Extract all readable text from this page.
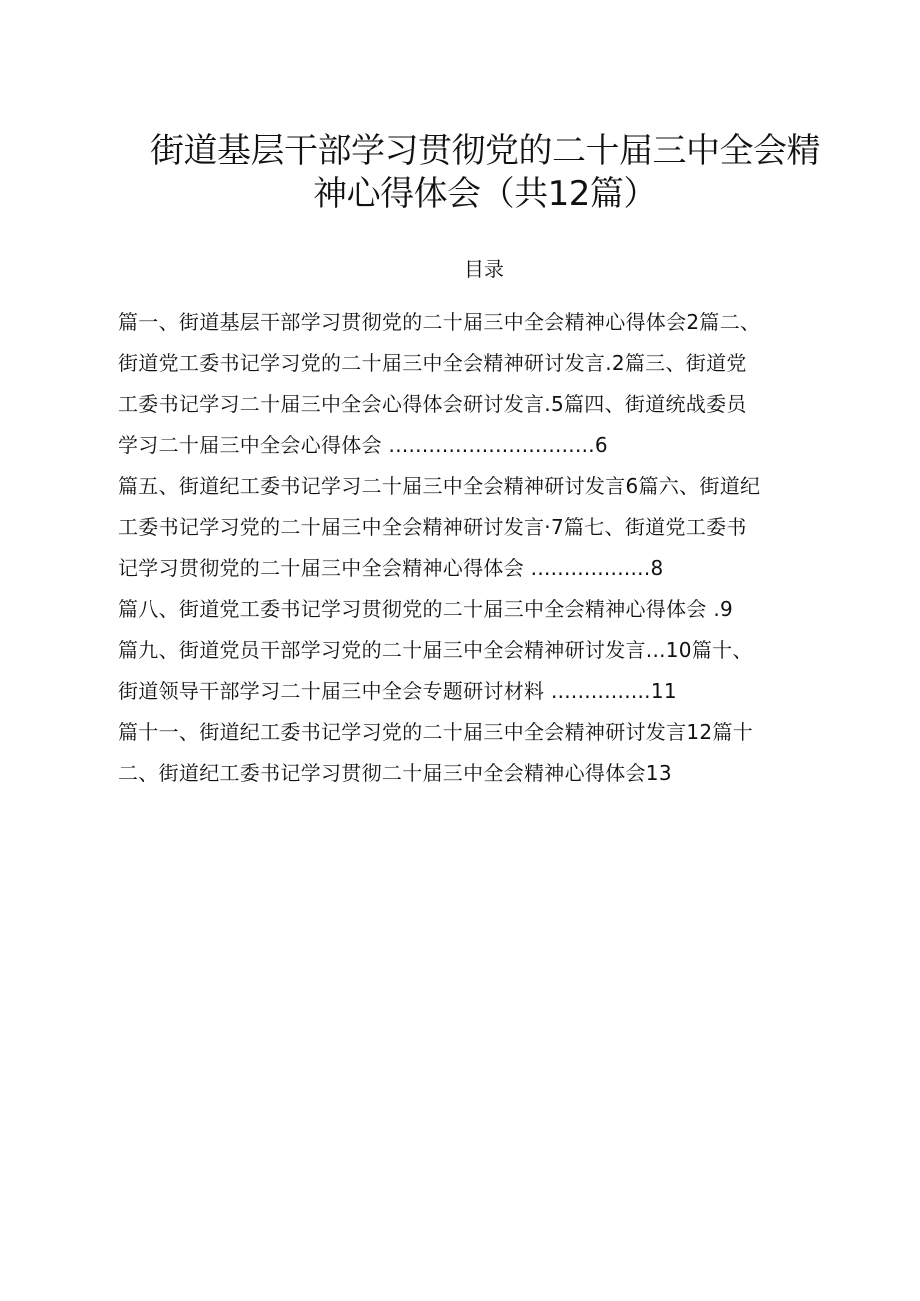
街道基层干部学习贯彻党的二十届三中全会精
神心得体会（共12篇）
目录
篇一、街道基层干部学习贯彻党的二十届三中全会精神心得体会2篇二、
街道党工委书记学习党的二十届三中全会精神研讨发言.2篇三、街道党
工委书记学习二十届三中全会心得体会研讨发言.5篇四、街道统战委员
学习二十届三中全会心得体会 ...............................6
篇五、街道纪工委书记学习二十届三中全会精神研讨发言6篇六、街道纪
工委书记学习党的二十届三中全会精神研讨发言·7篇七、街道党工委书
记学习贯彻党的二十届三中全会精神心得体会 ..................8
篇八、街道党工委书记学习贯彻党的二十届三中全会精神心得体会 .9
篇九、街道党员干部学习党的二十届三中全会精神研讨发言...10篇十、
街道领导干部学习二十届三中全会专题研讨材料 ...............11
篇十一、街道纪工委书记学习党的二十届三中全会精神研讨发言12篇十
二、街道纪工委书记学习贯彻二十届三中全会精神心得体会13
